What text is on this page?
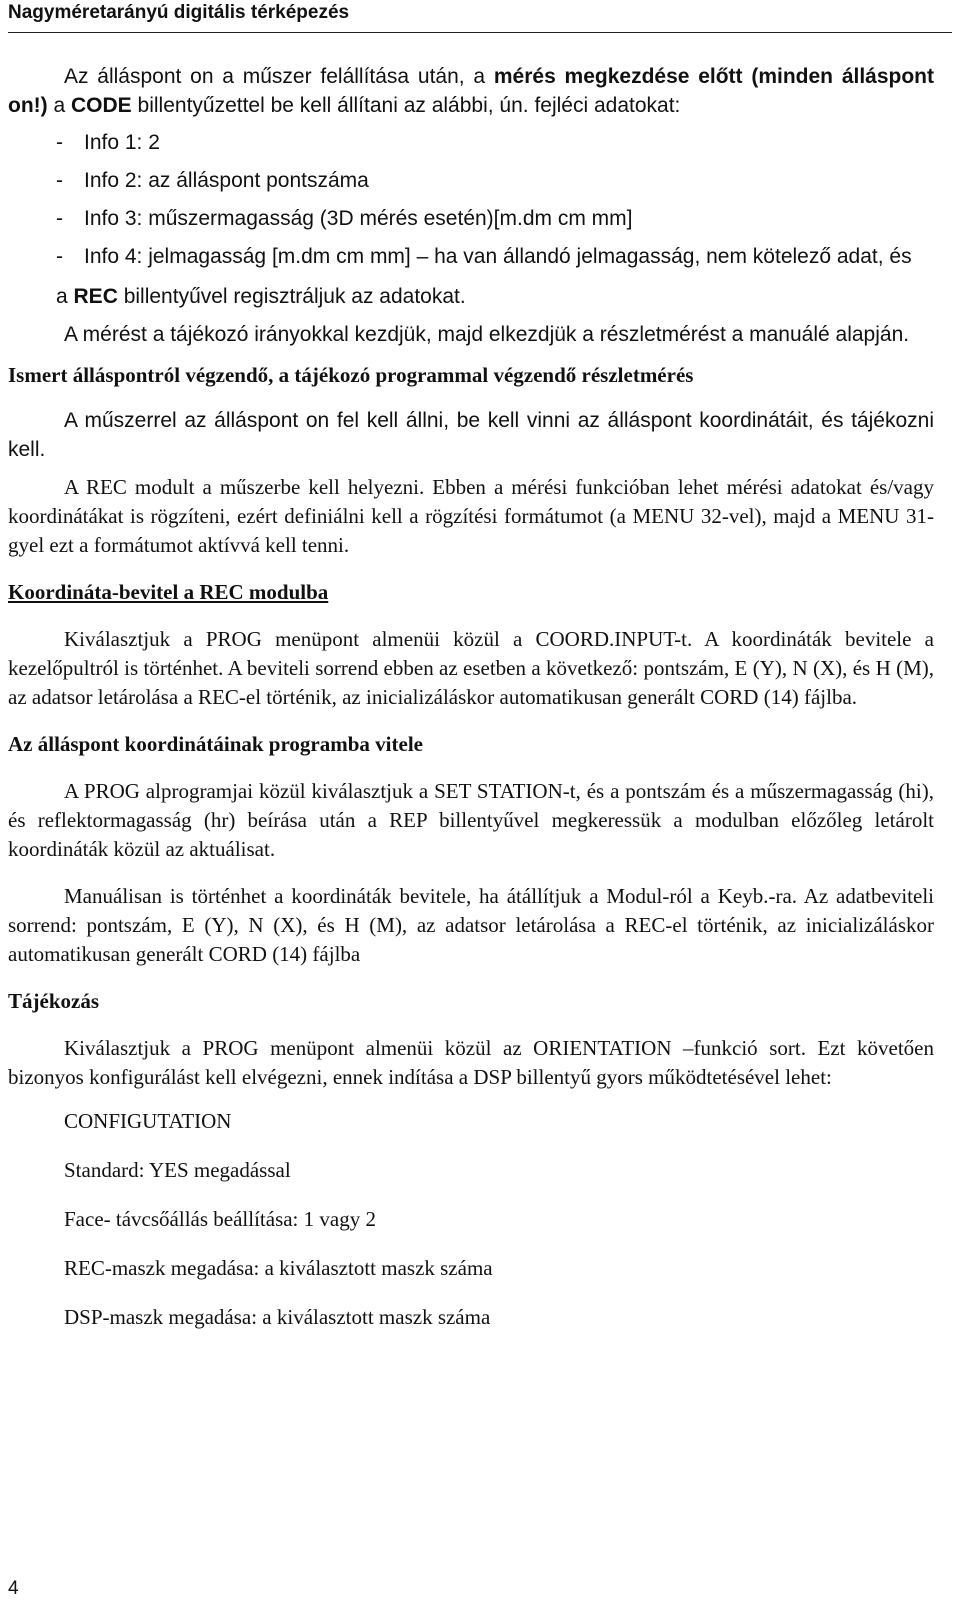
Nagyméretarányú digitális térképezés

Az álláspont on a műszer felállítása után, a mérés megkezdése előtt (minden álláspont on!) a CODE billentyűzettel be kell állítani az alábbi, ún. fejléci adatokat:

-	Info 1: 2
-	Info 2: az álláspont pontszáma
-	Info 3: műszermagasság (3D mérés esetén)[m.dm cm mm]
-	Info 4: jelmagasság [m.dm cm mm] – ha van állandó jelmagasság, nem kötelező adat, és

a REC billentyűvel regisztráljuk az adatokat.

A mérést a tájékozó irányokkal kezdjük, majd elkezdjük a részletmérést a manuálé alapján.

Ismert álláspontról végzendő, a tájékozó programmal végzendő részletmérés

A műszerrel az álláspont on fel kell állni, be kell vinni az álláspont koordinátáit, és tájékozni kell.

A REC modult a műszerbe kell helyezni. Ebben a mérési funkcióban lehet mérési adatokat és/vagy koordinátákat is rögzíteni, ezért definiálni kell a rögzítési formátumot (a MENU 32-vel), majd a MENU 31-gyel ezt a formátumot aktívvá kell tenni.

Koordináta-bevitel a REC modulba

Kiválasztjuk a PROG menüpont almenüi közül a COORD.INPUT-t. A koordináták bevitele a kezelőpultról is történhet. A beviteli sorrend ebben az esetben a következő: pontszám, E (Y), N (X), és H (M), az adatsor letárolása a REC-el történik, az inicializáláskor automatikusan generált CORD (14) fájlba.

Az álláspont koordinátáinak programba vitele

A PROG alprogramjai közül kiválasztjuk a SET STATION-t, és a pontszám és a műszermagasság (hi), és reflektormagasság (hr) beírása után a REP billentyűvel megkeressük a modulban előzőleg letárolt koordináták közül az aktuálisat.

Manuálisan is történhet a koordináták bevitele, ha átállítjuk a Modul-ról a Keyb.-ra. Az adatbeviteli sorrend: pontszám, E (Y), N (X), és H (M), az adatsor letárolása a REC-el történik, az inicializáláskor automatikusan generált CORD (14) fájlba

Tájékozás

Kiválasztjuk a PROG menüpont almenüi közül az ORIENTATION –funkció sort. Ezt követően bizonyos konfigurálást kell elvégezni, ennek indítása a DSP billentyű gyors működtetésével lehet:

CONFIGUTATION

Standard: YES megadással

Face- távcsőállás beállítása: 1 vagy 2

REC-maszk megadása: a kiválasztott maszk száma

DSP-maszk megadása: a kiválasztott maszk száma

4
